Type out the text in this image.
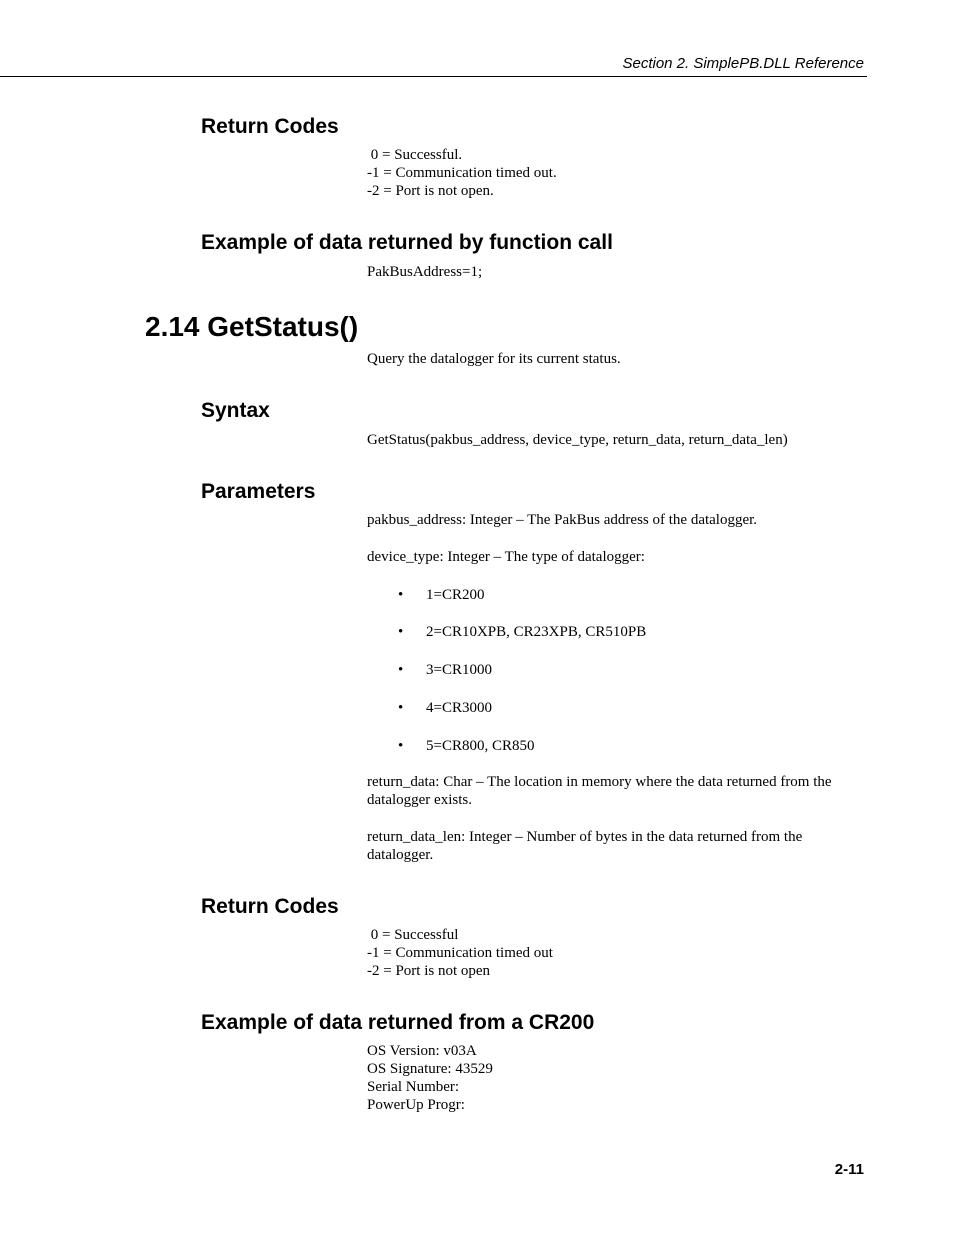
Section 2. SimplePB.DLL Reference
Return Codes
0 = Successful.
-1 = Communication timed out.
-2 = Port is not open.
Example of data returned by function call
PakBusAddress=1;
2.14 GetStatus()
Query the datalogger for its current status.
Syntax
GetStatus(pakbus_address, device_type, return_data, return_data_len)
Parameters
pakbus_address: Integer – The PakBus address of the datalogger.
device_type: Integer – The type of datalogger:
• 1=CR200
• 2=CR10XPB, CR23XPB, CR510PB
• 3=CR1000
• 4=CR3000
• 5=CR800, CR850
return_data: Char – The location in memory where the data returned from the datalogger exists.
return_data_len: Integer – Number of bytes in the data returned from the datalogger.
Return Codes
0 = Successful
-1 = Communication timed out
-2 = Port is not open
Example of data returned from a CR200
OS Version: v03A
OS Signature: 43529
Serial Number:
PowerUp Progr:
2-11
